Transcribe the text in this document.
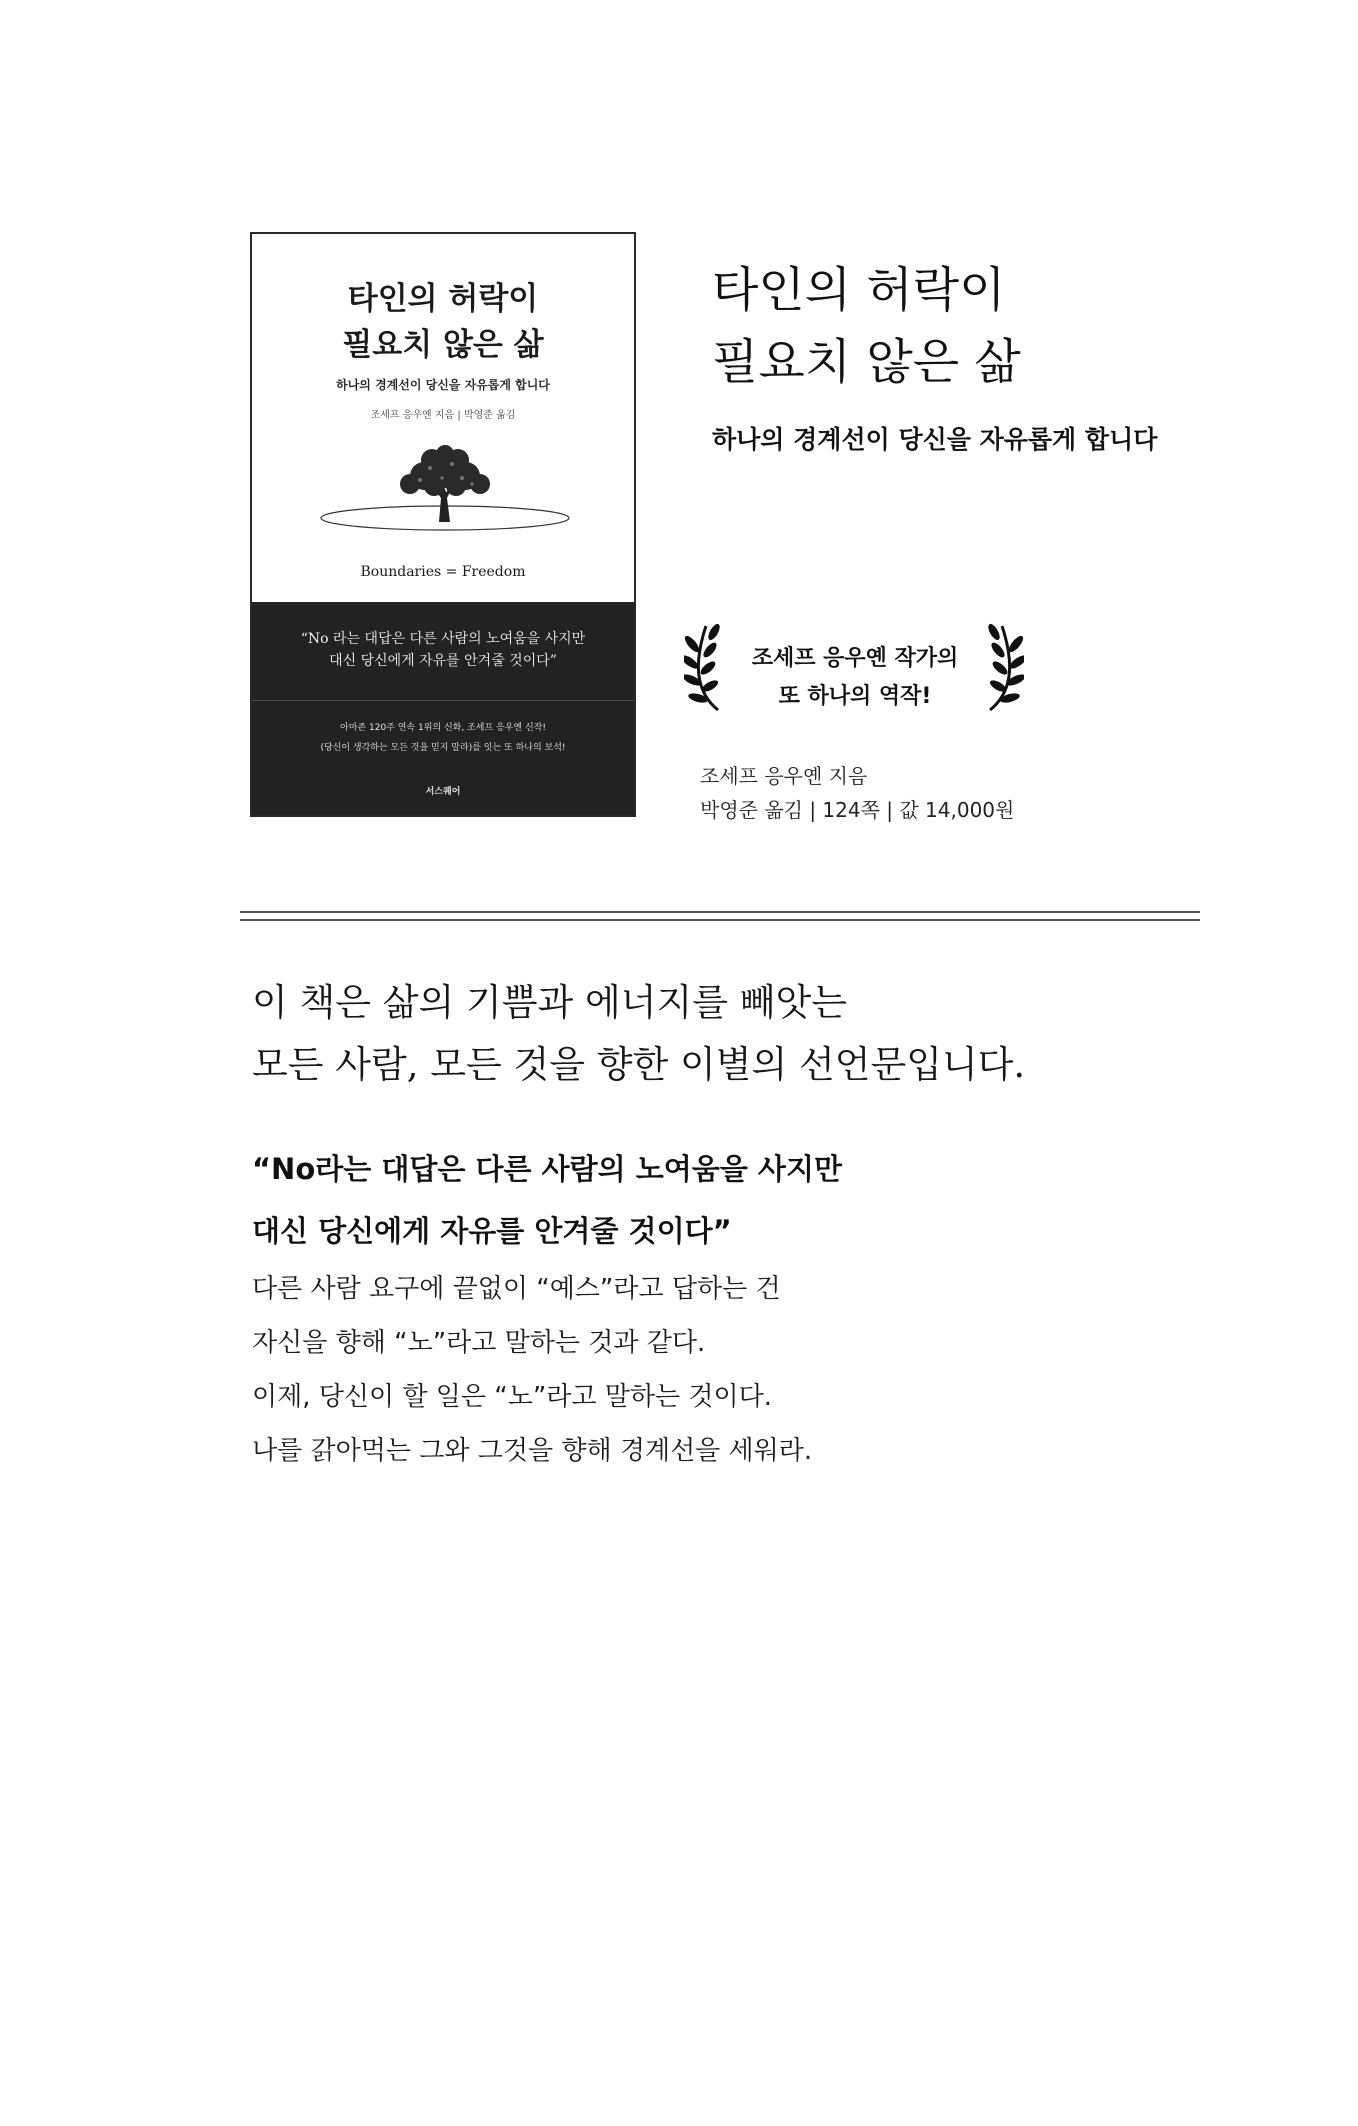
타인의 허락이
필요치 않은 삶
하나의 경계선이 당신을 자유롭게 합니다
조세프 응우옌 지음 | 박영준 옮김
Boundaries = Freedom
“No 라는 대답은 다른 사람의 노여움을 사지만
대신 당신에게 자유를 안겨줄 것이다”
아마존 120주 연속 1위의 신화, 조세프 응우옌 신작!
(당신이 생각하는 모든 것을 믿지 말라)를 잇는 또 하나의 보석!
서스퀘어
타인의 허락이
필요치 않은 삶
하나의 경계선이 당신을 자유롭게 합니다
조세프 응우옌 작가의
또 하나의 역작!
조세프 응우옌 지음
박영준 옮김 | 124쪽 | 값 14,000원
이 책은 삶의 기쁨과 에너지를 빼앗는
모든 사람, 모든 것을 향한 이별의 선언문입니다.
“No라는 대답은 다른 사람의 노여움을 사지만
대신 당신에게 자유를 안겨줄 것이다”
다른 사람 요구에 끝없이 “예스”라고 답하는 건
자신을 향해 “노”라고 말하는 것과 같다.
이제, 당신이 할 일은 “노”라고 말하는 것이다.
나를 갉아먹는 그와 그것을 향해 경계선을 세워라.
